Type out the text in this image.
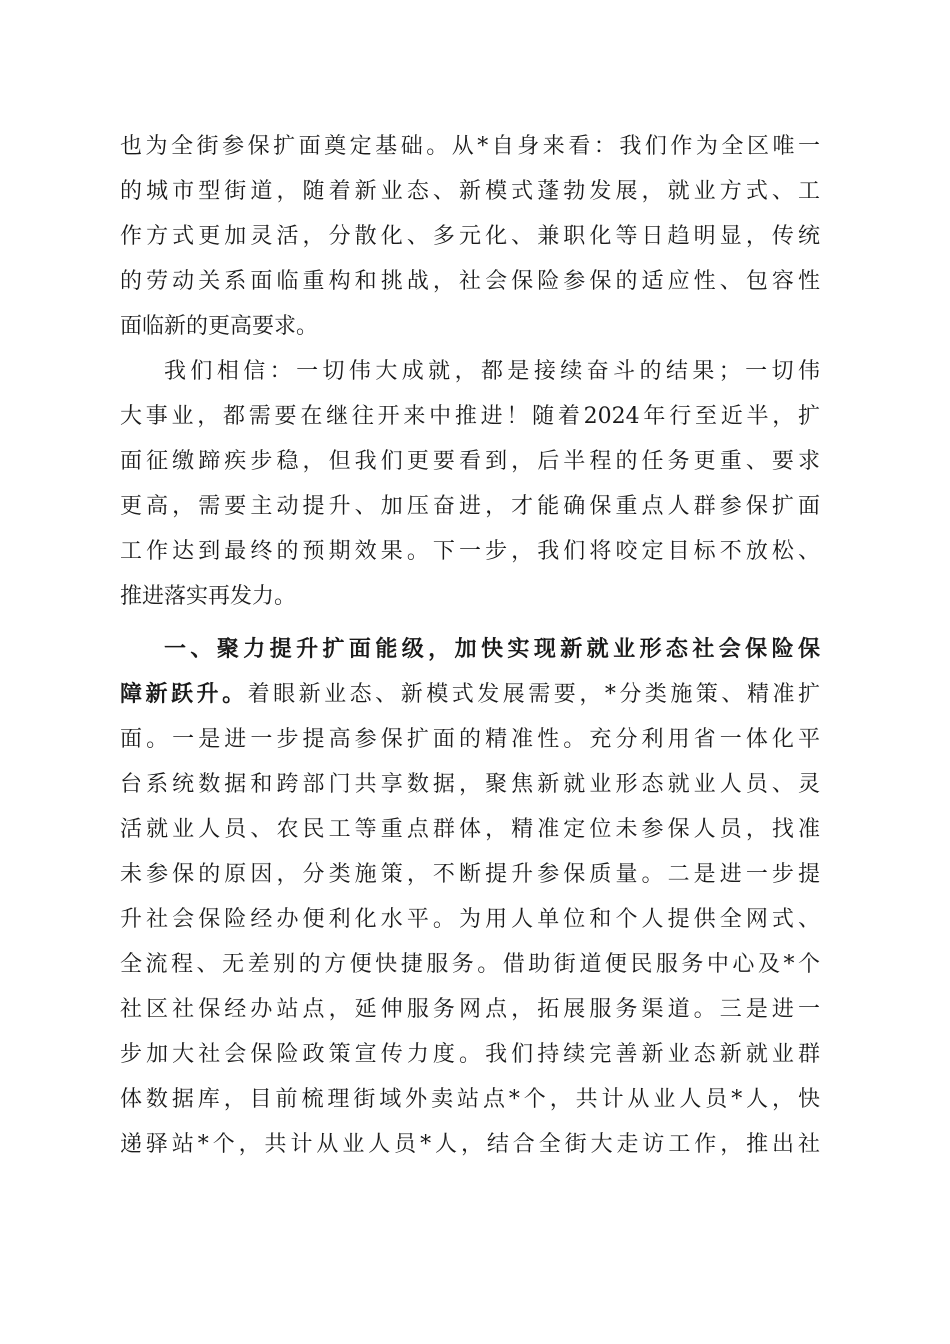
也为全街参保扩面奠定基础。从*自身来看：我们作为全区唯一
的城市型街道，随着新业态、新模式蓬勃发展，就业方式、工
作方式更加灵活，分散化、多元化、兼职化等日趋明显，传统
的劳动关系面临重构和挑战，社会保险参保的适应性、包容性
面临新的更高要求。
我们相信：一切伟大成就，都是接续奋斗的结果；一切伟
大事业，都需要在继往开来中推进！随着2024年行至近半，扩
面征缴蹄疾步稳，但我们更要看到，后半程的任务更重、要求
更高，需要主动提升、加压奋进，才能确保重点人群参保扩面
工作达到最终的预期效果。下一步，我们将咬定目标不放松、
推进落实再发力。
一、聚力提升扩面能级，加快实现新就业形态社会保险保
障新跃升。着眼新业态、新模式发展需要，*分类施策、精准扩
面。一是进一步提高参保扩面的精准性。充分利用省一体化平
台系统数据和跨部门共享数据，聚焦新就业形态就业人员、灵
活就业人员、农民工等重点群体，精准定位未参保人员，找准
未参保的原因，分类施策，不断提升参保质量。二是进一步提
升社会保险经办便利化水平。为用人单位和个人提供全网式、
全流程、无差别的方便快捷服务。借助街道便民服务中心及*个
社区社保经办站点，延伸服务网点，拓展服务渠道。三是进一
步加大社会保险政策宣传力度。我们持续完善新业态新就业群
体数据库，目前梳理街域外卖站点*个，共计从业人员*人，快
递驿站*个，共计从业人员*人，结合全街大走访工作，推出社
